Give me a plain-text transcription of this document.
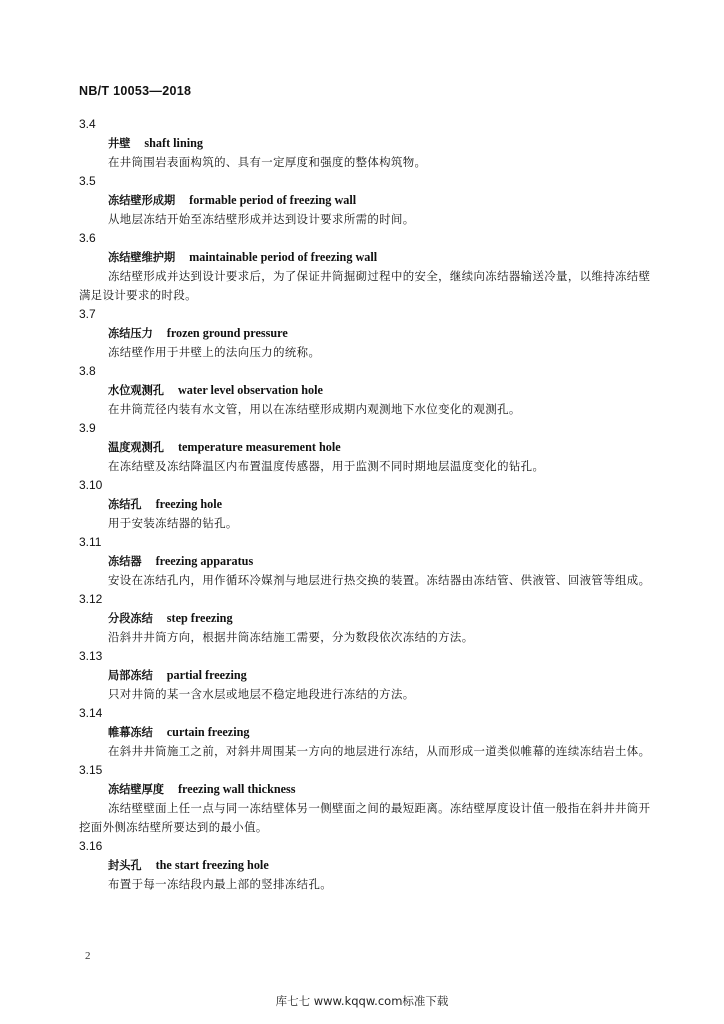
NB/T 10053—2018
3.4
井壁 shaft lining
在井筒围岩表面构筑的、具有一定厚度和强度的整体构筑物。
3.5
冻结壁形成期 formable period of freezing wall
从地层冻结开始至冻结壁形成并达到设计要求所需的时间。
3.6
冻结壁维护期 maintainable period of freezing wall
冻结壁形成并达到设计要求后，为了保证井筒掘砌过程中的安全，继续向冻结器输送冷量，以维持冻结壁满足设计要求的时段。
3.7
冻结压力 frozen ground pressure
冻结壁作用于井壁上的法向压力的统称。
3.8
水位观测孔 water level observation hole
在井筒荒径内装有水文管，用以在冻结壁形成期内观测地下水位变化的观测孔。
3.9
温度观测孔 temperature measurement hole
在冻结壁及冻结降温区内布置温度传感器，用于监测不同时期地层温度变化的钻孔。
3.10
冻结孔 freezing hole
用于安装冻结器的钻孔。
3.11
冻结器 freezing apparatus
安设在冻结孔内，用作循环冷媒剂与地层进行热交换的装置。冻结器由冻结管、供液管、回液管等组成。
3.12
分段冻结 step freezing
沿斜井井筒方向，根据井筒冻结施工需要，分为数段依次冻结的方法。
3.13
局部冻结 partial freezing
只对井筒的某一含水层或地层不稳定地段进行冻结的方法。
3.14
帷幕冻结 curtain freezing
在斜井井筒施工之前，对斜井周围某一方向的地层进行冻结，从而形成一道类似帷幕的连续冻结岩土体。
3.15
冻结壁厚度 freezing wall thickness
冻结壁壁面上任一点与同一冻结壁体另一侧壁面之间的最短距离。冻结壁厚度设计值一般指在斜井井筒开挖面外侧冻结壁所要达到的最小值。
3.16
封头孔 the start freezing hole
布置于每一冻结段内最上部的竖排冻结孔。
2
库七七 www.kqqw.com标准下载
